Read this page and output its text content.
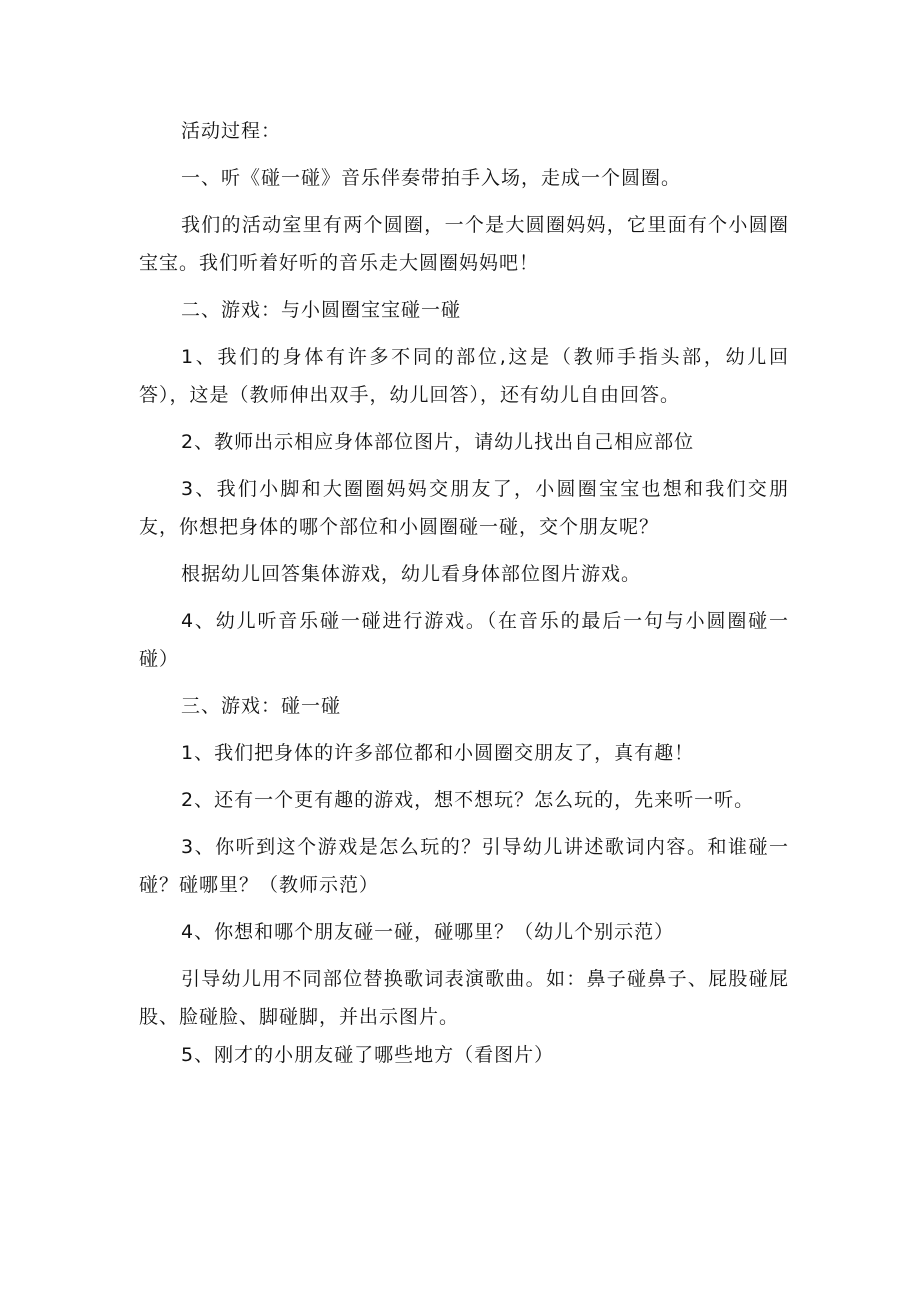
活动过程：

一、听《碰一碰》音乐伴奏带拍手入场，走成一个圆圈。

我们的活动室里有两个圆圈，一个是大圆圈妈妈，它里面有个小圆圈宝宝。我们听着好听的音乐走大圆圈妈妈吧！

二、游戏：与小圆圈宝宝碰一碰

1、我们的身体有许多不同的部位,这是（教师手指头部，幼儿回答），这是（教师伸出双手，幼儿回答），还有幼儿自由回答。

2、教师出示相应身体部位图片，请幼儿找出自己相应部位

3、我们小脚和大圈圈妈妈交朋友了，小圆圈宝宝也想和我们交朋友，你想把身体的哪个部位和小圆圈碰一碰，交个朋友呢？

根据幼儿回答集体游戏，幼儿看身体部位图片游戏。

4、幼儿听音乐碰一碰进行游戏。（在音乐的最后一句与小圆圈碰一碰）

三、游戏：碰一碰

1、我们把身体的许多部位都和小圆圈交朋友了，真有趣！

2、还有一个更有趣的游戏，想不想玩？怎么玩的，先来听一听。

3、你听到这个游戏是怎么玩的？引导幼儿讲述歌词内容。和谁碰一碰？碰哪里？（教师示范）

4、你想和哪个朋友碰一碰，碰哪里？（幼儿个别示范）

引导幼儿用不同部位替换歌词表演歌曲。如：鼻子碰鼻子、屁股碰屁股、脸碰脸、脚碰脚，并出示图片。

5、刚才的小朋友碰了哪些地方（看图片）
